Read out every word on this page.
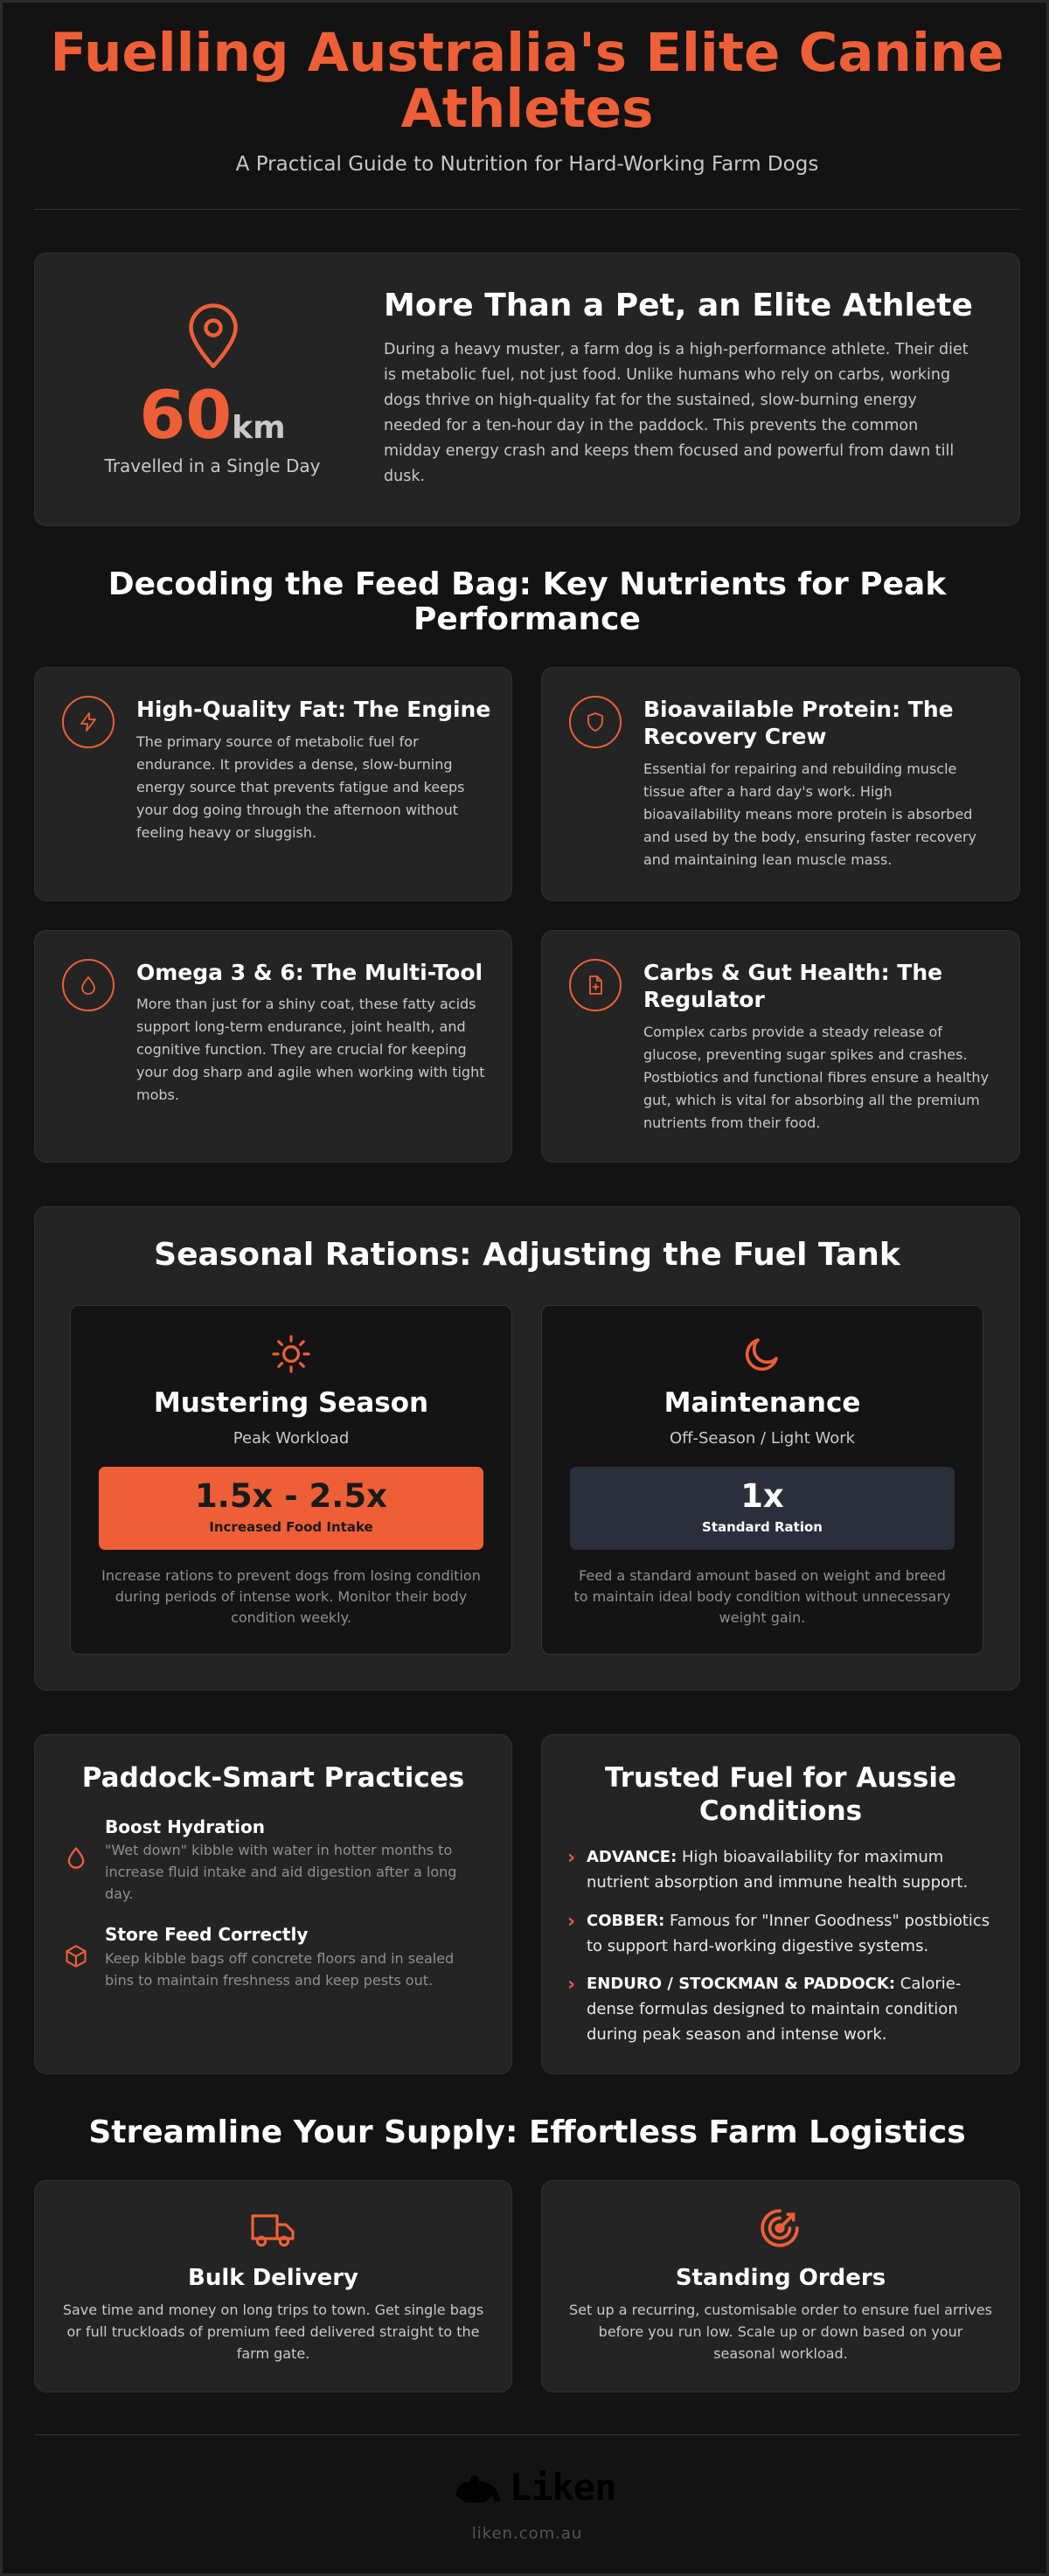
Fuelling Australia's Elite Canine Athletes
A Practical Guide to Nutrition for Hard-Working Farm Dogs
60km
Travelled in a Single Day
More Than a Pet, an Elite Athlete
During a heavy muster, a farm dog is a high-performance athlete. Their diet is metabolic fuel, not just food. Unlike humans who rely on carbs, working dogs thrive on high-quality fat for the sustained, slow-burning energy needed for a ten-hour day in the paddock. This prevents the common midday energy crash and keeps them focused and powerful from dawn till dusk.
Decoding the Feed Bag: Key Nutrients for Peak Performance
High-Quality Fat: The Engine
The primary source of metabolic fuel for endurance. It provides a dense, slow-burning energy source that prevents fatigue and keeps your dog going through the afternoon without feeling heavy or sluggish.
Bioavailable Protein: The Recovery Crew
Essential for repairing and rebuilding muscle tissue after a hard day's work. High bioavailability means more protein is absorbed and used by the body, ensuring faster recovery and maintaining lean muscle mass.
Omega 3 & 6: The Multi-Tool
More than just for a shiny coat, these fatty acids support long-term endurance, joint health, and cognitive function. They are crucial for keeping your dog sharp and agile when working with tight mobs.
Carbs & Gut Health: The Regulator
Complex carbs provide a steady release of glucose, preventing sugar spikes and crashes. Postbiotics and functional fibres ensure a healthy gut, which is vital for absorbing all the premium nutrients from their food.
Seasonal Rations: Adjusting the Fuel Tank
Mustering Season
Peak Workload
1.5x - 2.5x
Increased Food Intake
Increase rations to prevent dogs from losing condition during periods of intense work. Monitor their body condition weekly.
Maintenance
Off-Season / Light Work
1x
Standard Ration
Feed a standard amount based on weight and breed to maintain ideal body condition without unnecessary weight gain.
Paddock-Smart Practices
Boost Hydration
"Wet down" kibble with water in hotter months to increase fluid intake and aid digestion after a long day.
Store Feed Correctly
Keep kibble bags off concrete floors and in sealed bins to maintain freshness and keep pests out.
Trusted Fuel for Aussie Conditions
› ADVANCE: High bioavailability for maximum nutrient absorption and immune health support.
› COBBER: Famous for "Inner Goodness" postbiotics to support hard-working digestive systems.
› ENDURO / STOCKMAN & PADDOCK: Calorie-dense formulas designed to maintain condition during peak season and intense work.
Streamline Your Supply: Effortless Farm Logistics
Bulk Delivery
Save time and money on long trips to town. Get single bags or full truckloads of premium feed delivered straight to the farm gate.
Standing Orders
Set up a recurring, customisable order to ensure fuel arrives before you run low. Scale up or down based on your seasonal workload.
Liken
liken.com.au
